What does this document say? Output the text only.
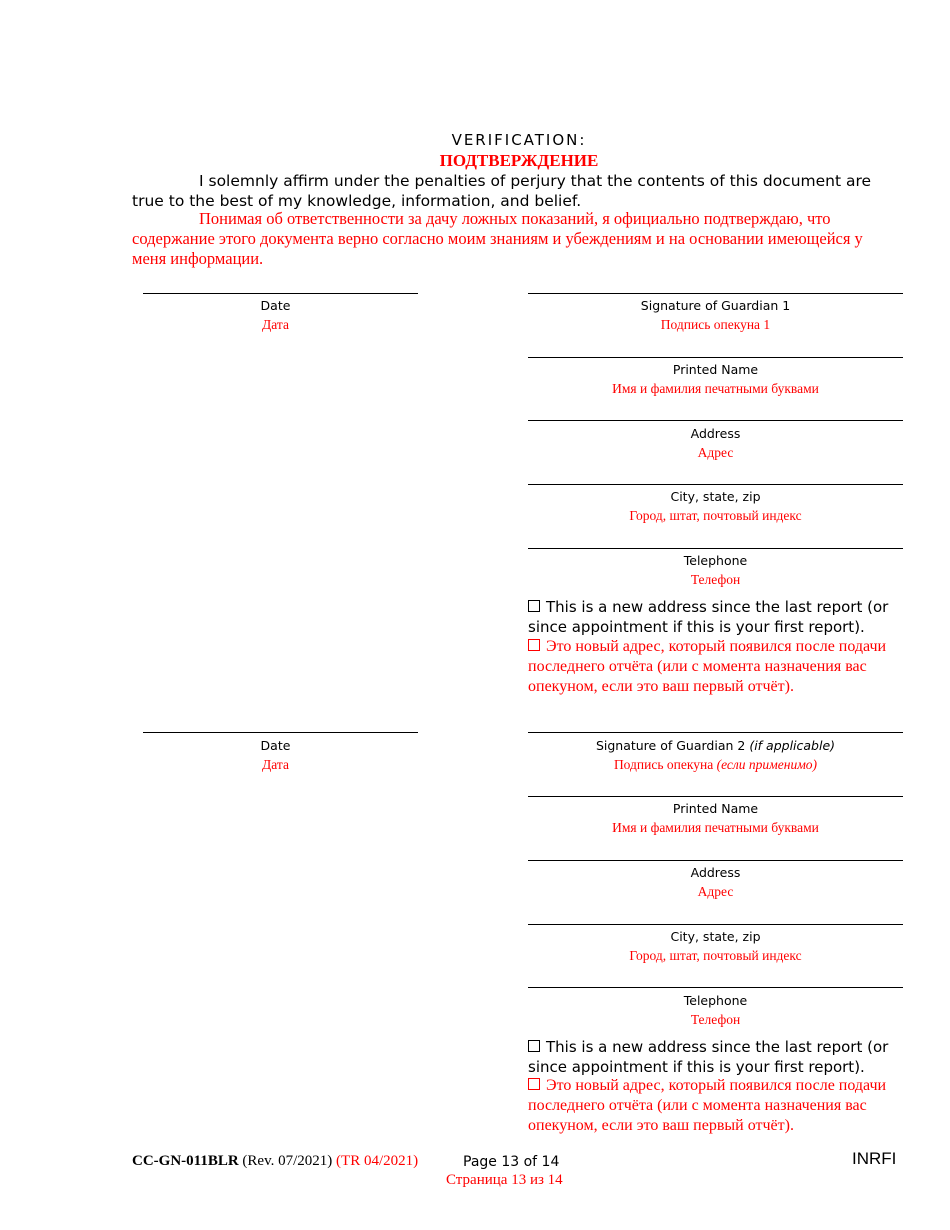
VERIFICATION:
ПОДТВЕРЖДЕНИЕ
I solemnly affirm under the penalties of perjury that the contents of this document are true to the best of my knowledge, information, and belief.
Понимая об ответственности за дачу ложных показаний, я официально подтверждаю, что содержание этого документа верно согласно моим знаниям и убеждениям и на основании имеющейся у меня информации.
Date
Дата
Signature of Guardian 1
Подпись опекуна 1
Printed Name
Имя и фамилия печатными буквами
Address
Адрес
City, state, zip
Город, штат, почтовый индекс
Telephone
Телефон
This is a new address since the last report (or since appointment if this is your first report).
Это новый адрес, который появился после подачи последнего отчёта (или с момента назначения вас опекуном, если это ваш первый отчёт).
Date
Дата
Signature of Guardian 2 (if applicable)
Подпись опекуна (если применимо)
Printed Name
Имя и фамилия печатными буквами
Address
Адрес
City, state, zip
Город, штат, почтовый индекс
Telephone
Телефон
This is a new address since the last report (or since appointment if this is your first report).
Это новый адрес, который появился после подачи последнего отчёта (или с момента назначения вас опекуном, если это ваш первый отчёт).
CC-GN-011BLR (Rev. 07/2021) (TR 04/2021)	Page 13 of 14
Страница 13 из 14
INRFI
